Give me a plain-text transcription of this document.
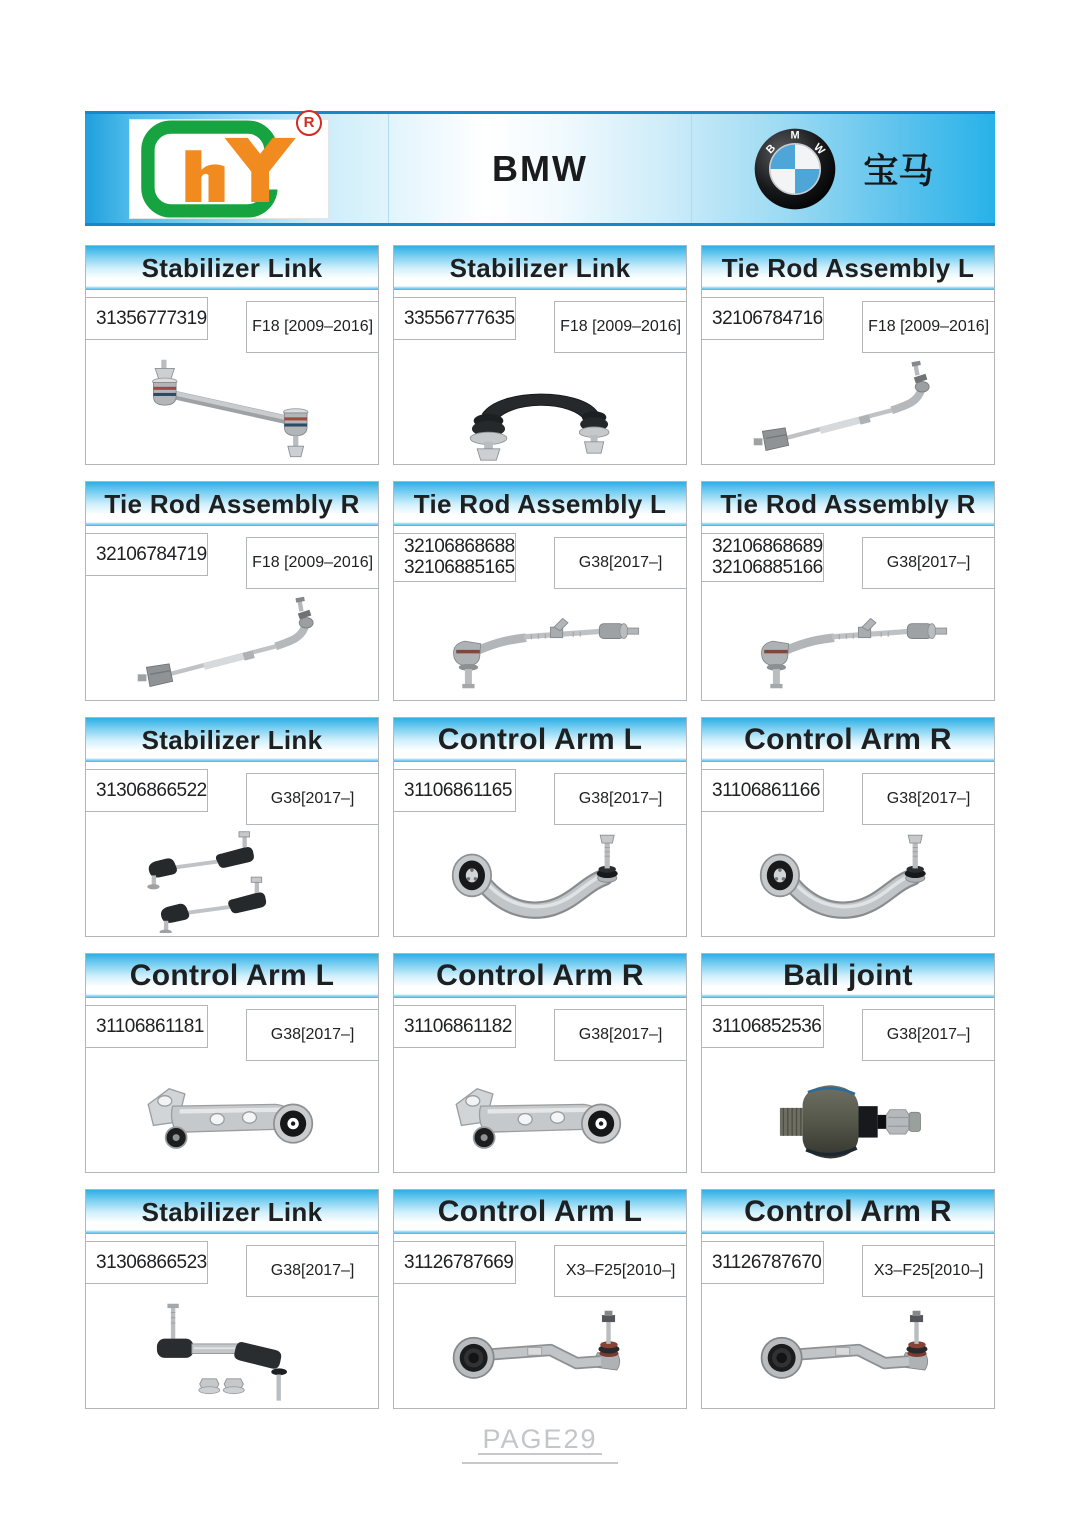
R
BMW	B
M
W
宝马
Stabilizer Link
31356777319	F18 [2009–2016]
Stabilizer Link
33556777635	F18 [2009–2016]
Tie Rod Assembly L
32106784716	F18 [2009–2016]
Tie Rod Assembly R
32106784719	F18 [2009–2016]
Tie Rod Assembly L
32106868688
32106885165	G38[2017–]
Tie Rod Assembly R
32106868689
32106885166	G38[2017–]
Stabilizer Link
31306866522	G38[2017–]
Control Arm L
31106861165	G38[2017–]
Control Arm R
31106861166	G38[2017–]
Control Arm L
31106861181	G38[2017–]
Control Arm R
31106861182	G38[2017–]
Ball joint
31106852536	G38[2017–]
Stabilizer Link
31306866523	G38[2017–]
Control Arm L
31126787669	X3–F25[2010–]
Control Arm R
31126787670	X3–F25[2010–]
PAGE29
